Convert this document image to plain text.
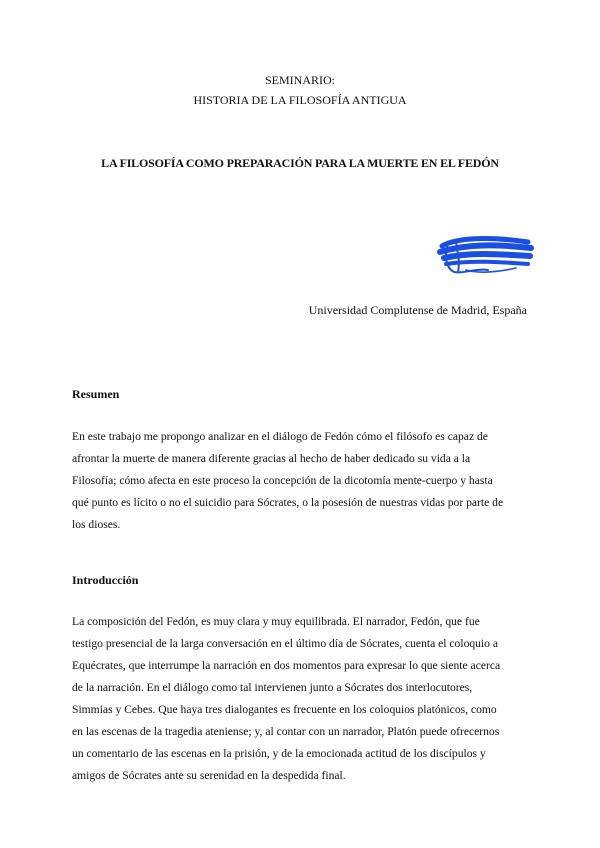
SEMINARIO:
HISTORIA DE LA FILOSOFÍA ANTIGUA
LA FILOSOFÍA COMO PREPARACIÓN PARA LA MUERTE EN EL FEDÓN
Universidad Complutense de Madrid, España
Resumen
En este trabajo me propongo analizar en el diálogo de Fedón cómo el filósofo es capaz de
afrontar la muerte de manera diferente gracias al hecho de haber dedicado su vida a la
Filosofía; cómo afecta en este proceso la concepción de la dicotomía mente-cuerpo y hasta
qué punto es lícito o no el suicidio para Sócrates, o la posesión de nuestras vidas por parte de
los dioses.
Introducción
La composición del Fedón, es muy clara y muy equilibrada. El narrador, Fedón, que fue
testigo presencial de la larga conversación en el último día de Sócrates, cuenta el coloquio a
Equécrates, que interrumpe la narración en dos momentos para expresar lo que siente acerca
de la narración. En el diálogo como tal intervienen junto a Sócrates dos interlocutores,
Simmias y Cebes. Que haya tres dialogantes es frecuente en los coloquios platónicos, como
en las escenas de la tragedia ateniense; y, al contar con un narrador, Platón puede ofrecernos
un comentario de las escenas en la prisión, y de la emocionada actitud de los discípulos y
amigos de Sócrates ante su serenidad en la despedida final.
